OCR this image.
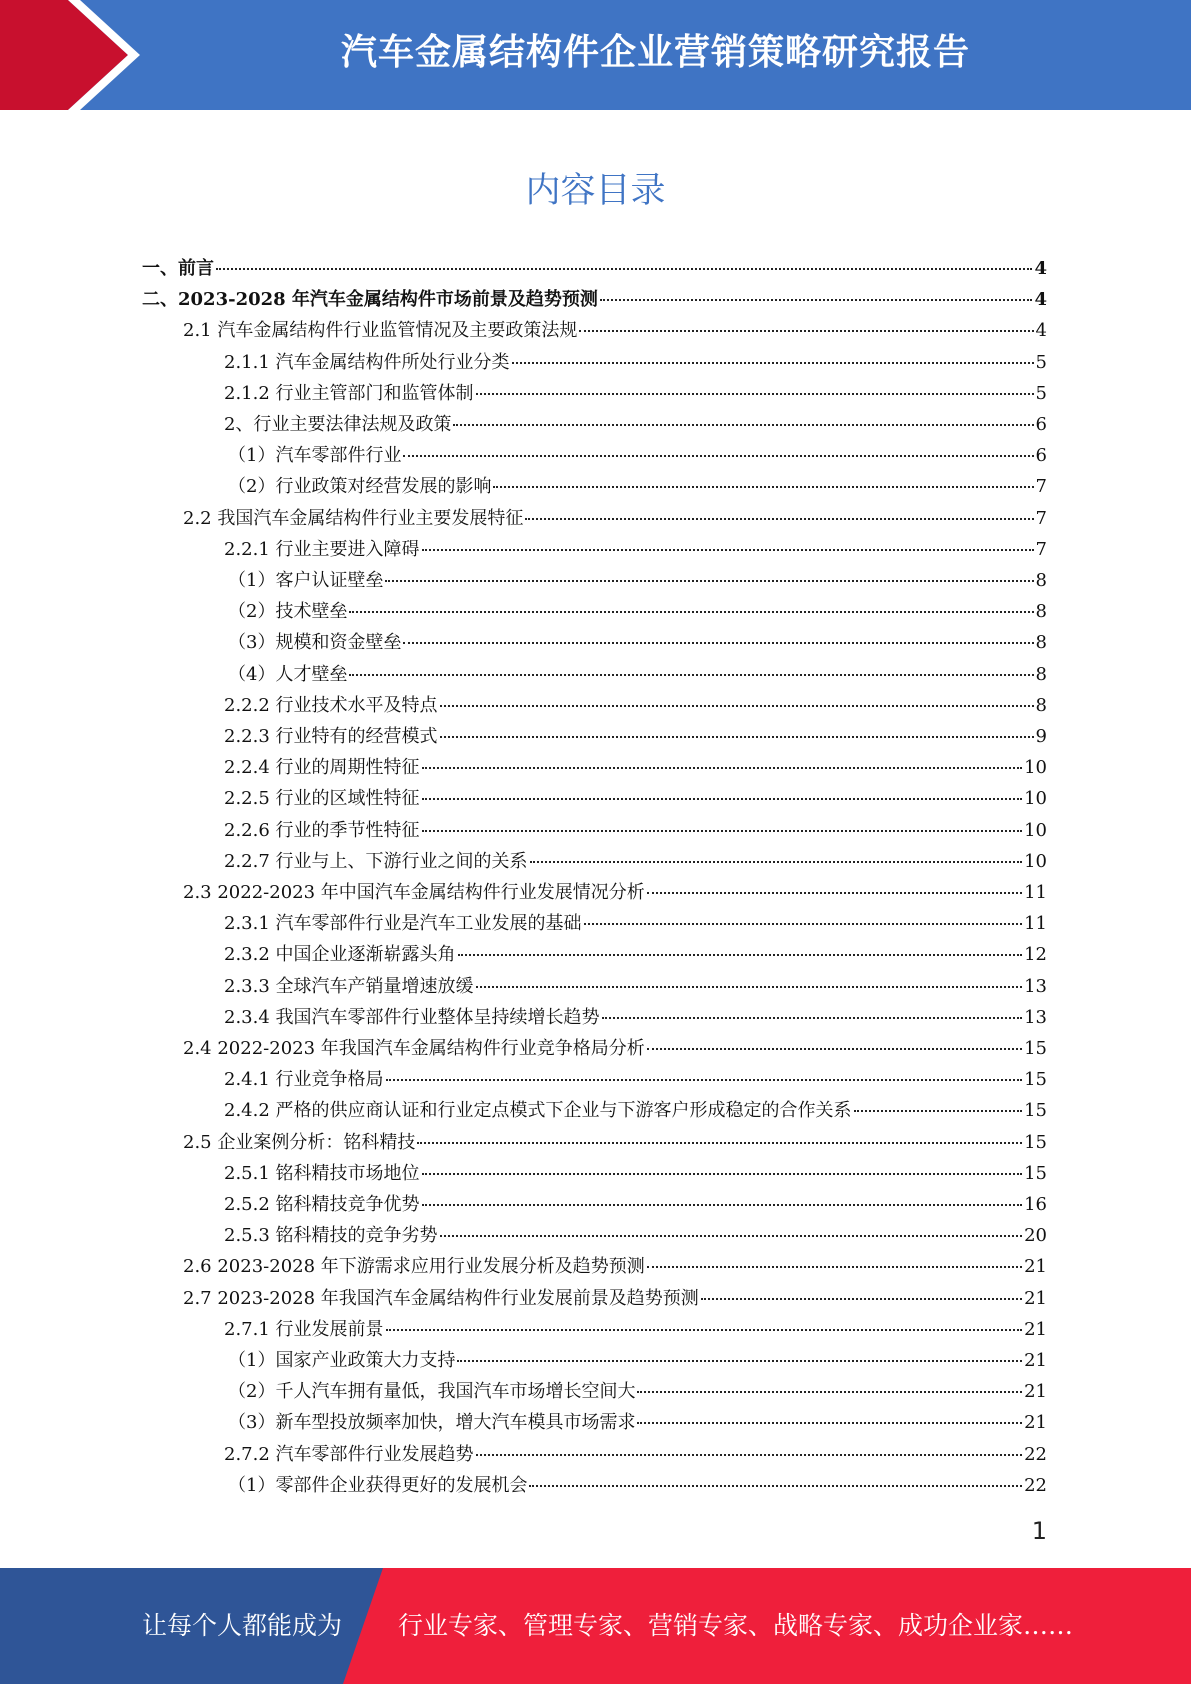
汽车金属结构件企业营销策略研究报告
内容目录
一、前言	4
二、2023-2028 年汽车金属结构件市场前景及趋势预测	4
2.1 汽车金属结构件行业监管情况及主要政策法规	4
2.1.1 汽车金属结构件所处行业分类	5
2.1.2 行业主管部门和监管体制	5
2、行业主要法律法规及政策	6
（1）汽车零部件行业	6
（2）行业政策对经营发展的影响	7
2.2 我国汽车金属结构件行业主要发展特征	7
2.2.1 行业主要进入障碍	7
（1）客户认证壁垒	8
（2）技术壁垒	8
（3）规模和资金壁垒	8
（4）人才壁垒	8
2.2.2 行业技术水平及特点	8
2.2.3 行业特有的经营模式	9
2.2.4 行业的周期性特征	10
2.2.5 行业的区域性特征	10
2.2.6 行业的季节性特征	10
2.2.7 行业与上、下游行业之间的关系	10
2.3 2022-2023 年中国汽车金属结构件行业发展情况分析	11
2.3.1 汽车零部件行业是汽车工业发展的基础	11
2.3.2 中国企业逐渐崭露头角	12
2.3.3 全球汽车产销量增速放缓	13
2.3.4 我国汽车零部件行业整体呈持续增长趋势	13
2.4 2022-2023 年我国汽车金属结构件行业竞争格局分析	15
2.4.1 行业竞争格局	15
2.4.2 严格的供应商认证和行业定点模式下企业与下游客户形成稳定的合作关系	15
2.5 企业案例分析：铭科精技	15
2.5.1 铭科精技市场地位	15
2.5.2 铭科精技竞争优势	16
2.5.3 铭科精技的竞争劣势	20
2.6 2023-2028 年下游需求应用行业发展分析及趋势预测	21
2.7 2023-2028 年我国汽车金属结构件行业发展前景及趋势预测	21
2.7.1 行业发展前景	21
（1）国家产业政策大力支持	21
（2）千人汽车拥有量低，我国汽车市场增长空间大	21
（3）新车型投放频率加快，增大汽车模具市场需求	21
2.7.2 汽车零部件行业发展趋势	22
（1）零部件企业获得更好的发展机会	22
1
让每个人都能成为 行业专家、管理专家、营销专家、战略专家、成功企业家……
